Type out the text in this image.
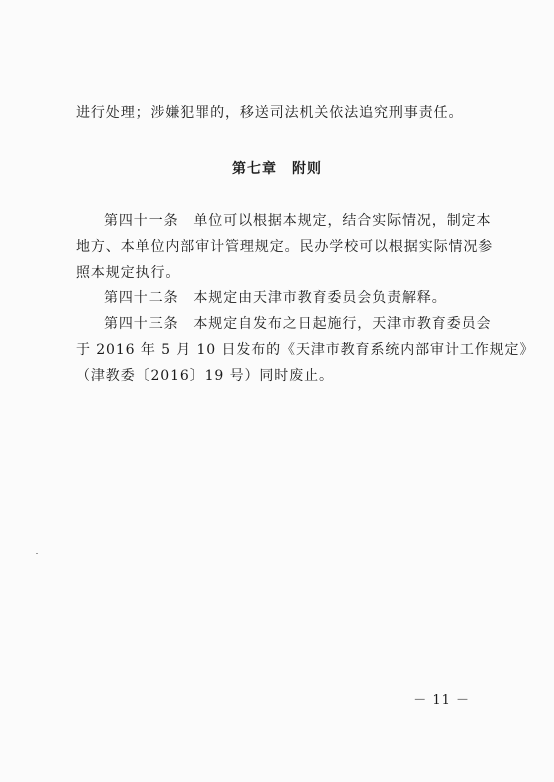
进行处理；涉嫌犯罪的，移送司法机关依法追究刑事责任。
第七章　附则
第四十一条　单位可以根据本规定，结合实际情况，制定本
地方、本单位内部审计管理规定。民办学校可以根据实际情况参
照本规定执行。
第四十二条　本规定由天津市教育委员会负责解释。
第四十三条　本规定自发布之日起施行，天津市教育委员会
于 2016 年 5 月 10 日发布的《天津市教育系统内部审计工作规定》
（津教委〔2016〕19 号）同时废止。
－ 11 －
